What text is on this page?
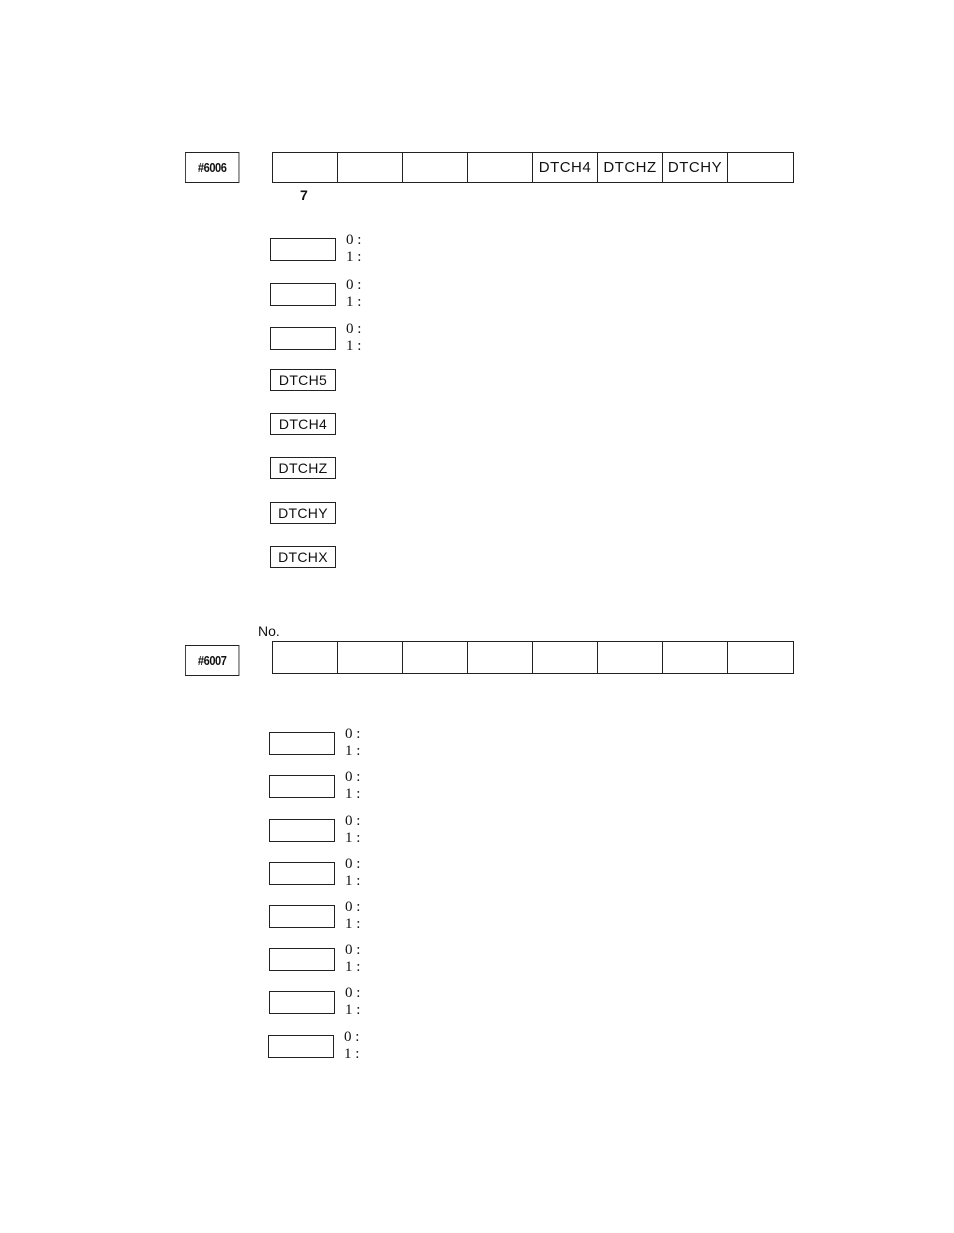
#6006	DTCH4 DTCHZ DTCHY
7
0 :
1 :
0 :
1 :
0 :
1 :
DTCH5
DTCH4
DTCHZ
DTCHY
DTCHX
No.
#6007
0 :
1 :
0 :
1 :
0 :
1 :
0 :
1 :
0 :
1 :
0 :
1 :
0 :
1 :
0 :
1 :
